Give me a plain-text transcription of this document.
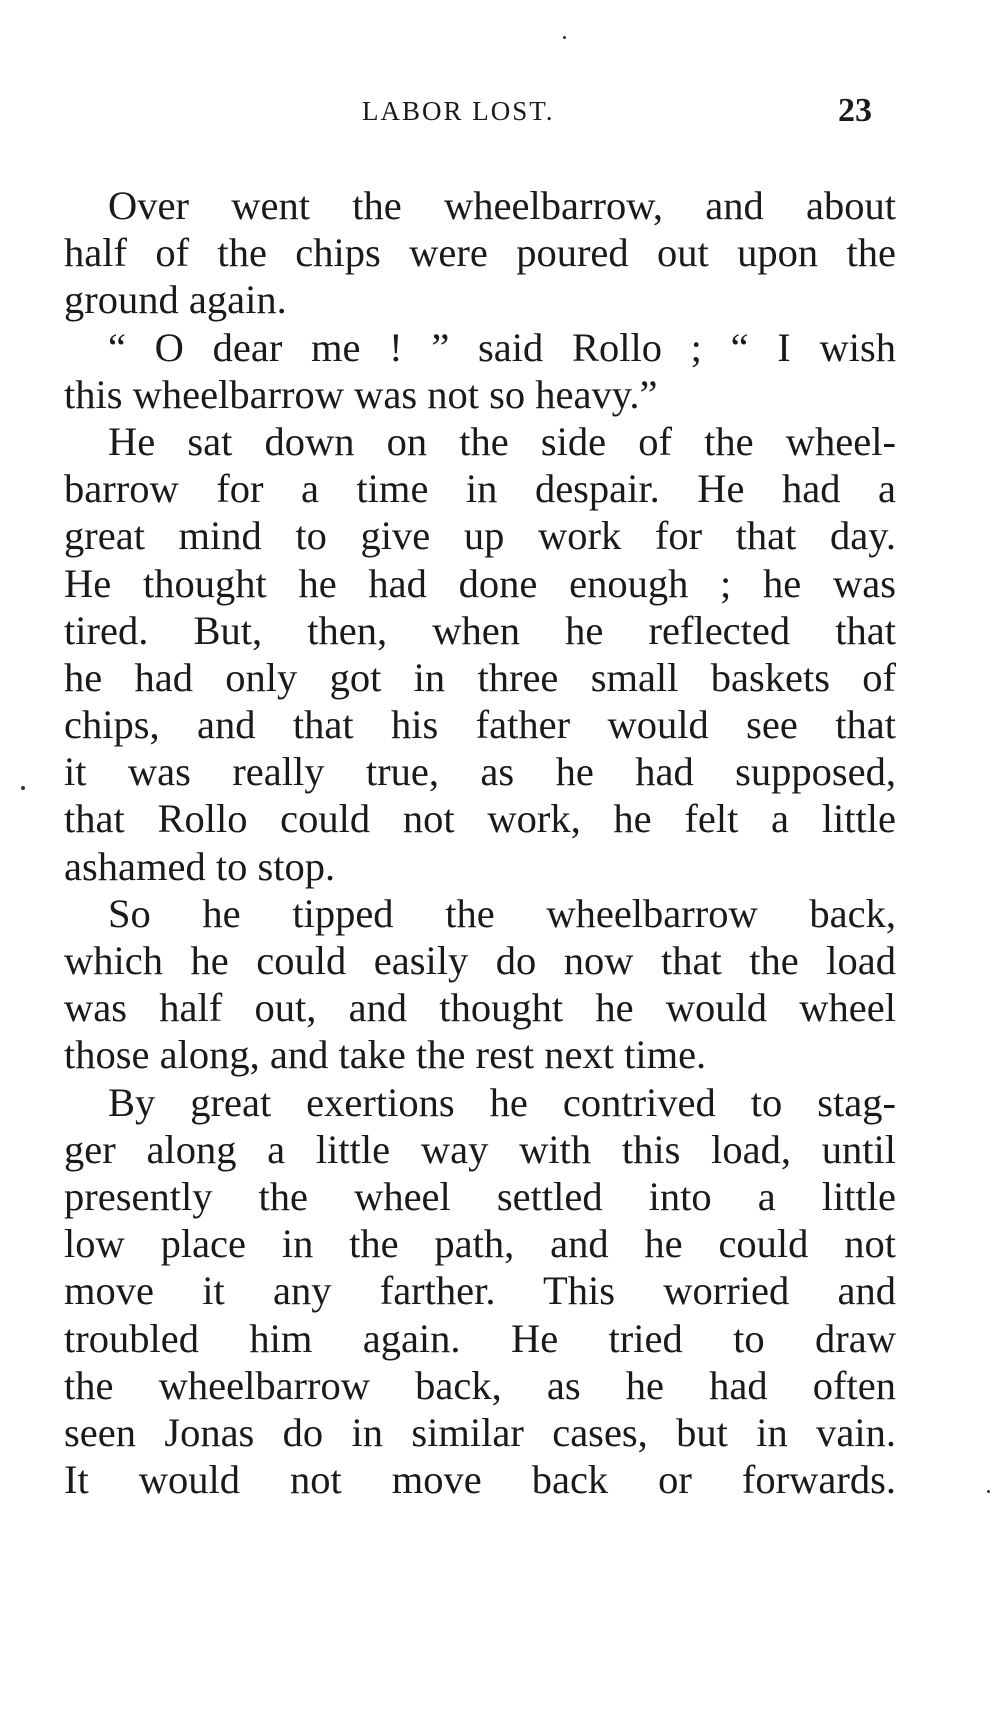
LABOR LOST.	23
Over went the wheelbarrow, and about
half of the chips were poured out upon the
ground again.
“ O dear me ! ” said Rollo ; “ I wish
this wheelbarrow was not so heavy.”
He sat down on the side of the wheel-
barrow for a time in despair. He had a
great mind to give up work for that day.
He thought he had done enough ; he was
tired. But, then, when he reflected that
he had only got in three small baskets of
chips, and that his father would see that
it was really true, as he had supposed,
that Rollo could not work, he felt a little
ashamed to stop.
So he tipped the wheelbarrow back,
which he could easily do now that the load
was half out, and thought he would wheel
those along, and take the rest next time.
By great exertions he contrived to stag-
ger along a little way with this load, until
presently the wheel settled into a little
low place in the path, and he could not
move it any farther. This worried and
troubled him again. He tried to draw
the wheelbarrow back, as he had often
seen Jonas do in similar cases, but in vain.
It would not move back or forwards.
